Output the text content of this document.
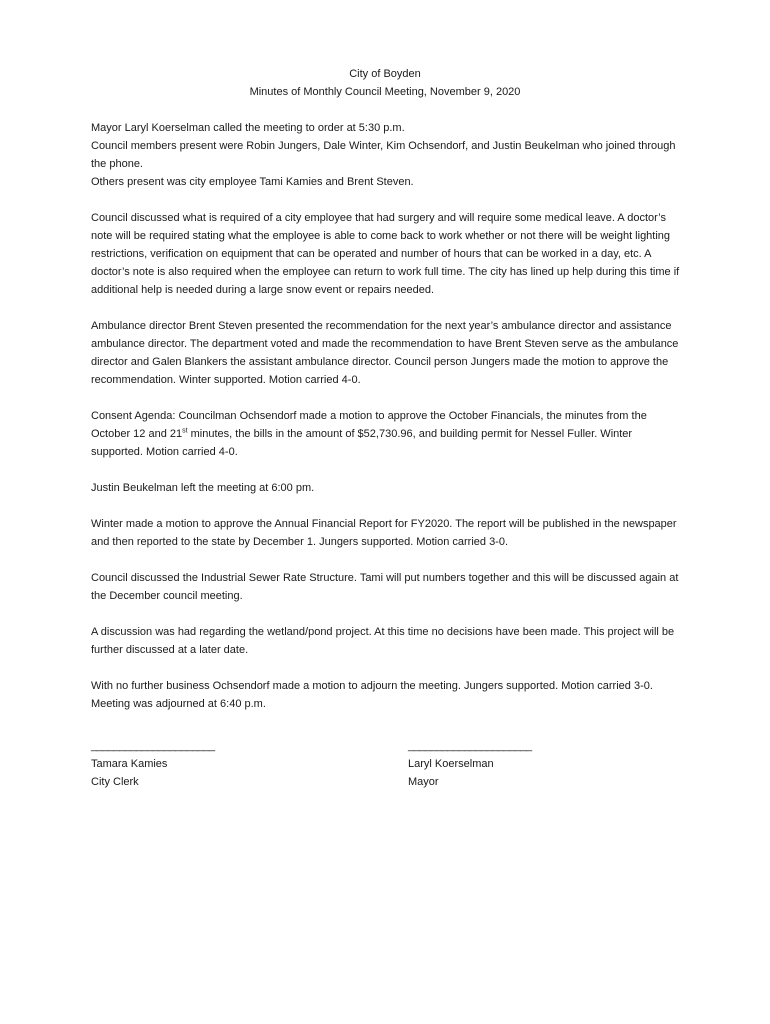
City of Boyden
Minutes of Monthly Council Meeting, November 9, 2020

Mayor Laryl Koerselman called the meeting to order at 5:30 p.m.
Council members present were Robin Jungers, Dale Winter, Kim Ochsendorf, and Justin Beukelman who joined through the phone.
Others present was city employee Tami Kamies and Brent Steven.

Council discussed what is required of a city employee that had surgery and will require some medical leave. A doctor’s note will be required stating what the employee is able to come back to work whether or not there will be weight lighting restrictions, verification on equipment that can be operated and number of hours that can be worked in a day, etc. A doctor’s note is also required when the employee can return to work full time. The city has lined up help during this time if additional help is needed during a large snow event or repairs needed.

Ambulance director Brent Steven presented the recommendation for the next year’s ambulance director and assistance ambulance director. The department voted and made the recommendation to have Brent Steven serve as the ambulance director and Galen Blankers the assistant ambulance director. Council person Jungers made the motion to approve the recommendation. Winter supported. Motion carried 4-0.

Consent Agenda: Councilman Ochsendorf made a motion to approve the October Financials, the minutes from the October 12 and 21st minutes, the bills in the amount of $52,730.96, and building permit for Nessel Fuller. Winter supported. Motion carried 4-0.

Justin Beukelman left the meeting at 6:00 pm.

Winter made a motion to approve the Annual Financial Report for FY2020. The report will be published in the newspaper and then reported to the state by December 1. Jungers supported. Motion carried 3-0.

Council discussed the Industrial Sewer Rate Structure. Tami will put numbers together and this will be discussed again at the December council meeting.

A discussion was had regarding the wetland/pond project. At this time no decisions have been made. This project will be further discussed at a later date.

With no further business Ochsendorf made a motion to adjourn the meeting. Jungers supported. Motion carried 3-0. Meeting was adjourned at 6:40 p.m.

______________________
Tamara Kamies
City Clerk
______________________
Laryl Koerselman
Mayor
